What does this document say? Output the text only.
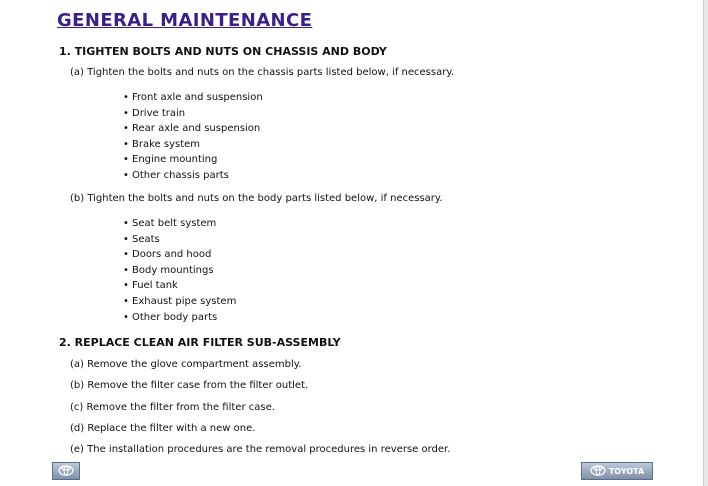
GENERAL MAINTENANCE
1. TIGHTEN BOLTS AND NUTS ON CHASSIS AND BODY
(a) Tighten the bolts and nuts on the chassis parts listed below, if necessary.
• Front axle and suspension
• Drive train
• Rear axle and suspension
• Brake system
• Engine mounting
• Other chassis parts
(b) Tighten the bolts and nuts on the body parts listed below, if necessary.
• Seat belt system
• Seats
• Doors and hood
• Body mountings
• Fuel tank
• Exhaust pipe system
• Other body parts
2. REPLACE CLEAN AIR FILTER SUB-ASSEMBLY
(a) Remove the glove compartment assembly.
(b) Remove the filter case from the filter outlet.
(c) Remove the filter from the filter case.
(d) Replace the filter with a new one.
(e) The installation procedures are the removal procedures in reverse order.
TOYOTA
